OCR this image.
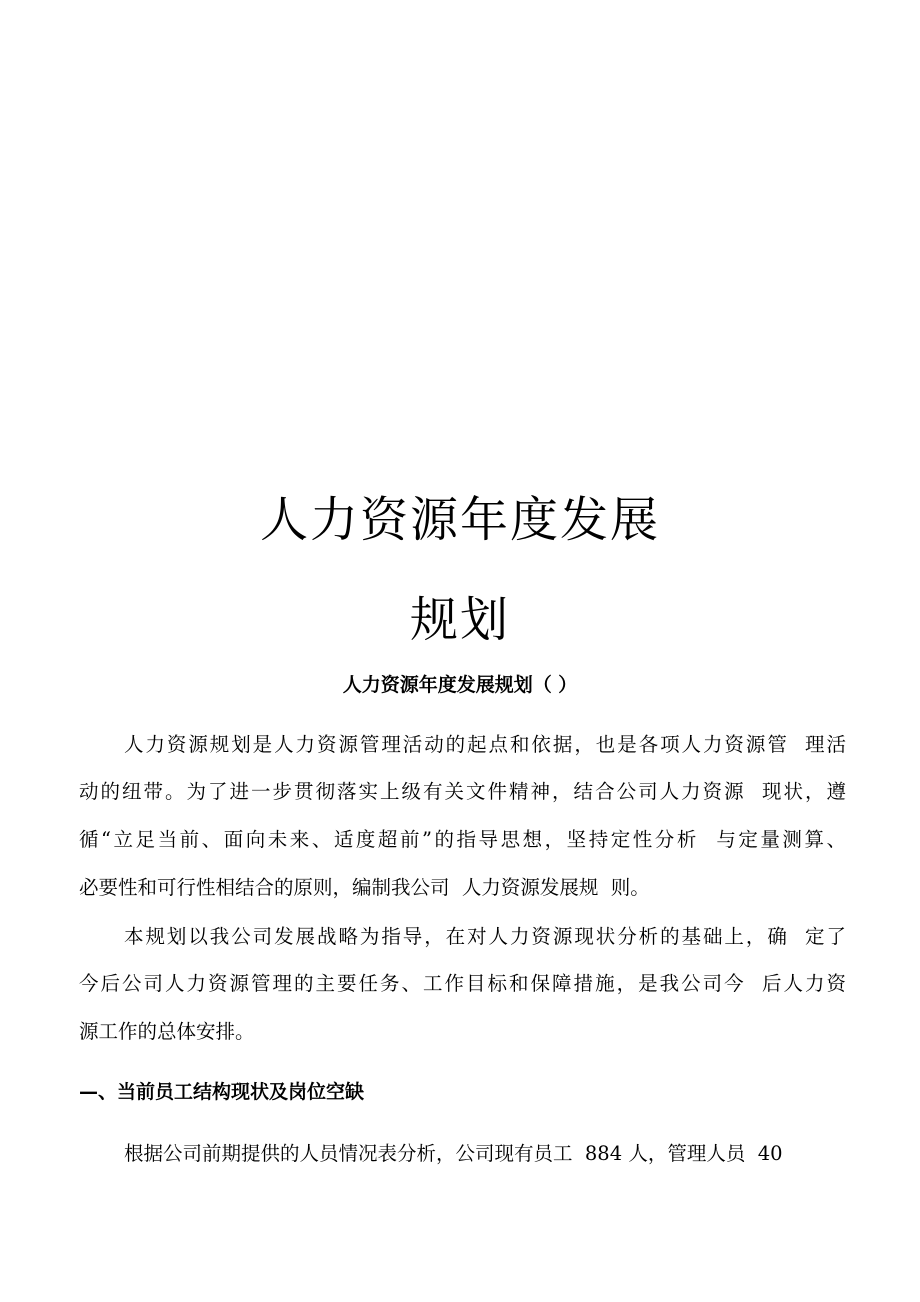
人力资源年度发展
规划
人力资源年度发展规划（ ）
人力资源规划是人力资源管理活动的起点和依据，也是各项人力资源管  理活
动的纽带。为了进一步贯彻落实上级有关文件精神，结合公司人力资源  现状，遵
循“立足当前、面向未来、适度超前”的指导思想，坚持定性分析  与定量测算、
必要性和可行性相结合的原则，编制我公司  人力资源发展规  则。
本规划以我公司发展战略为指导，在对人力资源现状分析的基础上，确  定了
今后公司人力资源管理的主要任务、工作目标和保障措施，是我公司今  后人力资
源工作的总体安排。
—、当前员工结构现状及岗位空缺
根据公司前期提供的人员情况表分析，公司现有员工  884 人，管理人员  40
